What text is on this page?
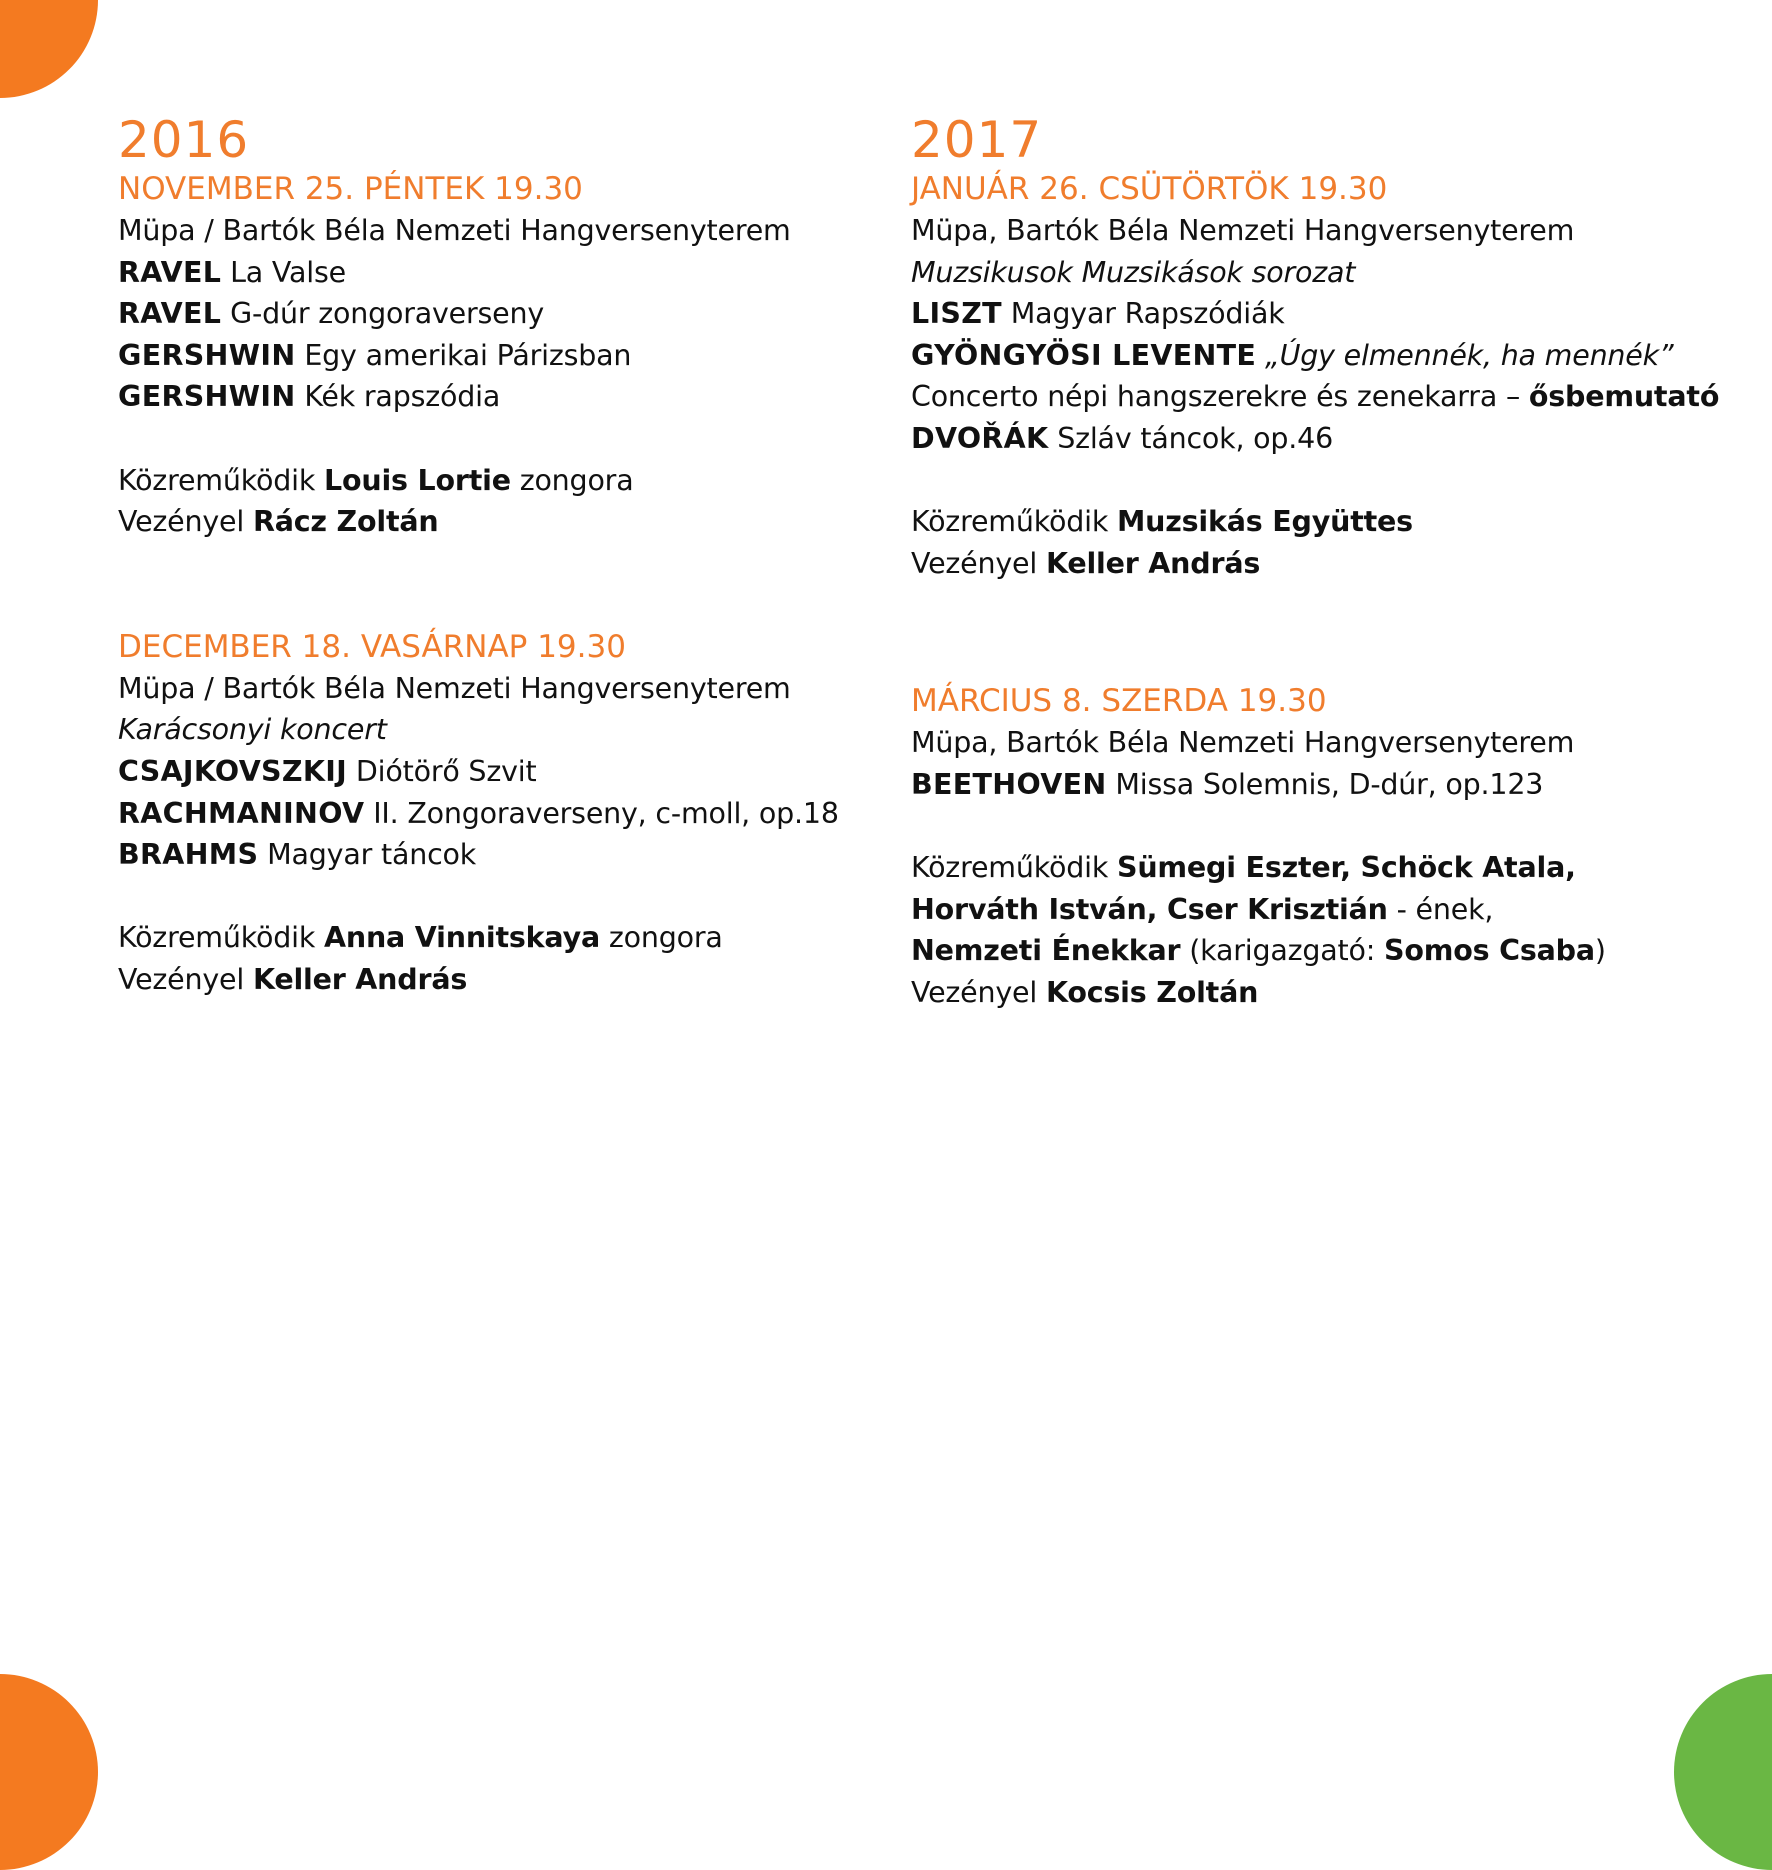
2016
NOVEMBER 25. PÉNTEK 19.30
Müpa / Bartók Béla Nemzeti Hangversenyterem
RAVEL La Valse
RAVEL G-dúr zongoraverseny
GERSHWIN Egy amerikai Párizsban
GERSHWIN Kék rapszódia
Közreműködik Louis Lortie zongora
Vezényel Rácz Zoltán
DECEMBER 18. VASÁRNAP 19.30
Müpa / Bartók Béla Nemzeti Hangversenyterem
Karácsonyi koncert
CSAJKOVSZKIJ Diótörő Szvit
RACHMANINOV II. Zongoraverseny, c-moll, op.18
BRAHMS Magyar táncok
Közreműködik Anna Vinnitskaya zongora
Vezényel Keller András
2017
JANUÁR 26. CSÜTÖRTÖK 19.30
Müpa, Bartók Béla Nemzeti Hangversenyterem
Muzsikusok Muzsikások sorozat
LISZT Magyar Rapszódiák
GYÖNGYÖSI LEVENTE „Úgy elmennék, ha mennék”
Concerto népi hangszerekre és zenekarra – ősbemutató
DVOŘÁK Szláv táncok, op.46
Közreműködik Muzsikás Együttes
Vezényel Keller András
MÁRCIUS 8. SZERDA 19.30
Müpa, Bartók Béla Nemzeti Hangversenyterem
BEETHOVEN Missa Solemnis, D-dúr, op.123
Közreműködik Sümegi Eszter, Schöck Atala,
Horváth István, Cser Krisztián - ének,
Nemzeti Énekkar (karigazgató: Somos Csaba)
Vezényel Kocsis Zoltán
